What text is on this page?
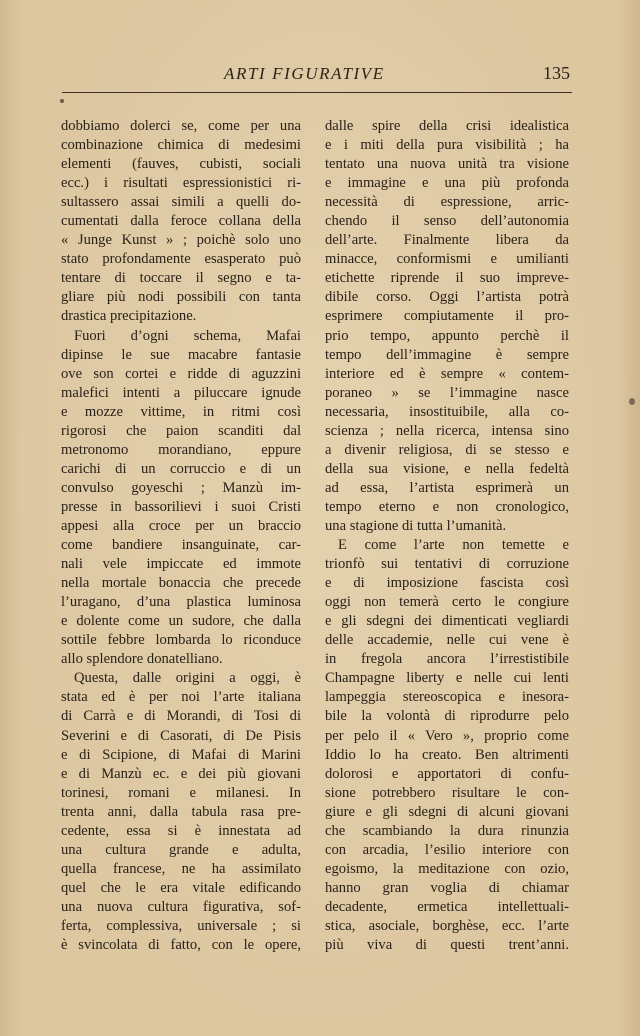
ARTI FIGURATIVE	135
dobbiamo dolerci se, come per una
combinazione chimica di medesimi
elementi (fauves, cubisti, sociali
ecc.) i risultati espressionistici ri-
sultassero assai simili a quelli do-
cumentati dalla feroce collana della
« Junge Kunst » ; poichè solo uno
stato profondamente esasperato può
tentare di toccare il segno e ta-
gliare più nodi possibili con tanta
drastica precipitazione.
Fuori d’ogni schema, Mafai
dipinse le sue macabre fantasie
ove son cortei e ridde di aguzzini
malefici intenti a piluccare ignude
e mozze vittime, in ritmi così
rigorosi che paion scanditi dal
metronomo morandiano, eppure
carichi di un corruccio e di un
convulso goyeschi ; Manzù im-
presse in bassorilievi i suoi Cristi
appesi alla croce per un braccio
come bandiere insanguinate, car-
nali vele impiccate ed immote
nella mortale bonaccia che precede
l’uragano, d’una plastica luminosa
e dolente come un sudore, che dalla
sottile febbre lombarda lo riconduce
allo splendore donatelliano.
Questa, dalle origini a oggi, è
stata ed è per noi l’arte italiana
di Carrà e di Morandi, di Tosi di
Severini e di Casorati, di De Pisis
e di Scipione, di Mafai di Marini
e di Manzù ec. e dei più giovani
torinesi, romani e milanesi. In
trenta anni, dalla tabula rasa pre-
cedente, essa si è innestata ad
una cultura grande e adulta,
quella francese, ne ha assimilato
quel che le era vitale edificando
una nuova cultura figurativa, sof-
ferta, complessiva, universale ; si
è svincolata di fatto, con le opere,
dalle spire della crisi idealistica
e i miti della pura visibilità ; ha
tentato una nuova unità tra visione
e immagine e una più profonda
necessità di espressione, arric-
chendo il senso dell’autonomia
dell’arte. Finalmente libera da
minacce, conformismi e umilianti
etichette riprende il suo impreve-
dibile corso. Oggi l’artista potrà
esprimere compiutamente il pro-
prio tempo, appunto perchè il
tempo dell’immagine è sempre
interiore ed è sempre « contem-
poraneo » se l’immagine nasce
necessaria, insostituibile, alla co-
scienza ; nella ricerca, intensa sino
a divenir religiosa, di se stesso e
della sua visione, e nella fedeltà
ad essa, l’artista esprimerà un
tempo eterno e non cronologico,
una stagione di tutta l’umanità.
E come l’arte non temette e
trionfò sui tentativi di corruzione
e di imposizione fascista così
oggi non temerà certo le congiure
e gli sdegni dei dimenticati vegliardi
delle accademie, nelle cui vene è
in fregola ancora l’irrestistibile
Champagne liberty e nelle cui lenti
lampeggia stereoscopica e inesora-
bile la volontà di riprodurre pelo
per pelo il « Vero », proprio come
Iddio lo ha creato. Ben altrimenti
dolorosi e apportatori di confu-
sione potrebbero risultare le con-
giure e gli sdegni di alcuni giovani
che scambiando la dura rinunzia
con arcadia, l’esilio interiore con
egoismo, la meditazione con ozio,
hanno gran voglia di chiamar
decadente, ermetica intellettuali-
stica, asociale, borghèse, ecc. l’arte
più viva di questi trent’anni.
